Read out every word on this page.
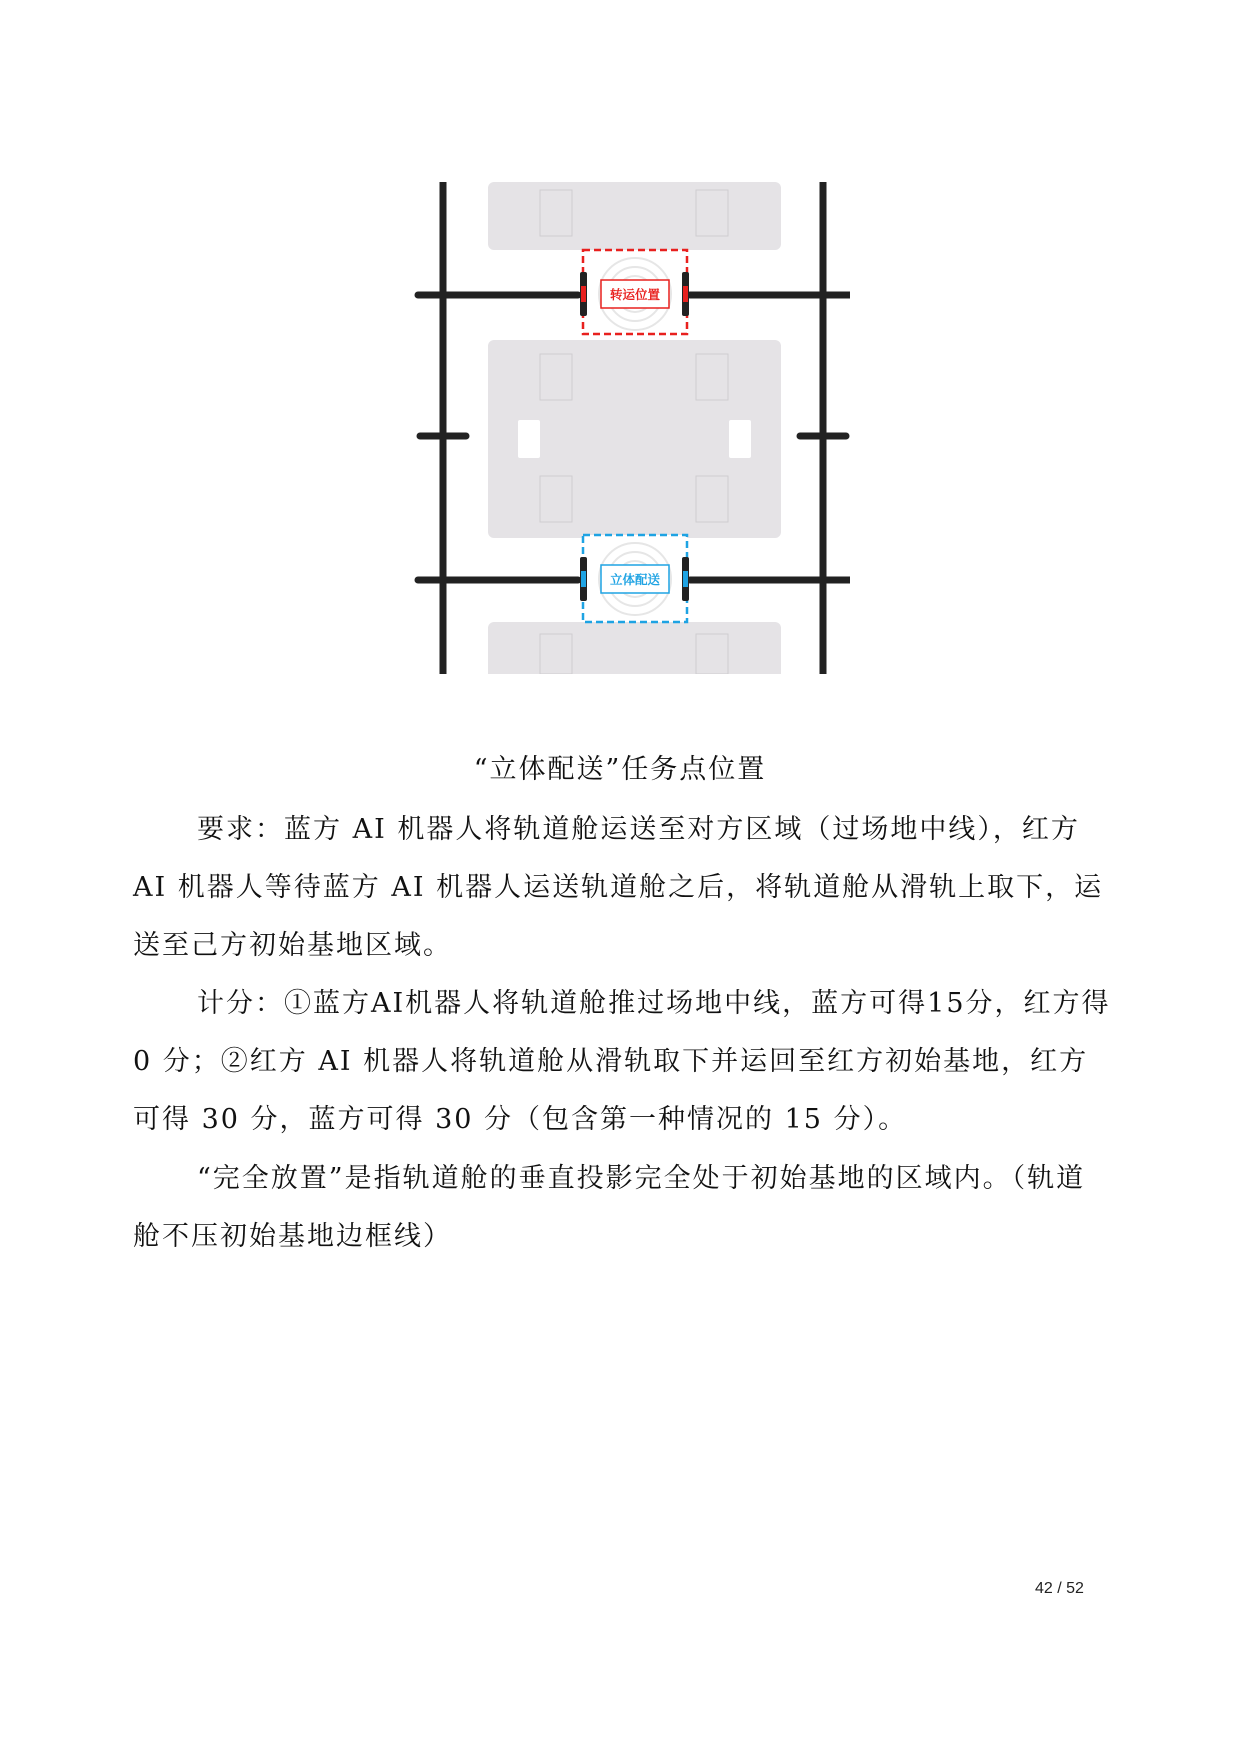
转运位置
立体配送
“立体配送”任务点位置

要求：蓝方 AI 机器人将轨道舱运送至对方区域（过场地中线），红方 AI 机器人等待蓝方 AI 机器人运送轨道舱之后，将轨道舱从滑轨上取下，运送至己方初始基地区域。

计分：①蓝方AI机器人将轨道舱推过场地中线，蓝方可得15分，红方得 0 分；②红方 AI 机器人将轨道舱从滑轨取下并运回至红方初始基地，红方可得 30 分，蓝方可得 30 分（包含第一种情况的 15 分）。

“完全放置”是指轨道舱的垂直投影完全处于初始基地的区域内。（轨道舱不压初始基地边框线）

42 / 52
